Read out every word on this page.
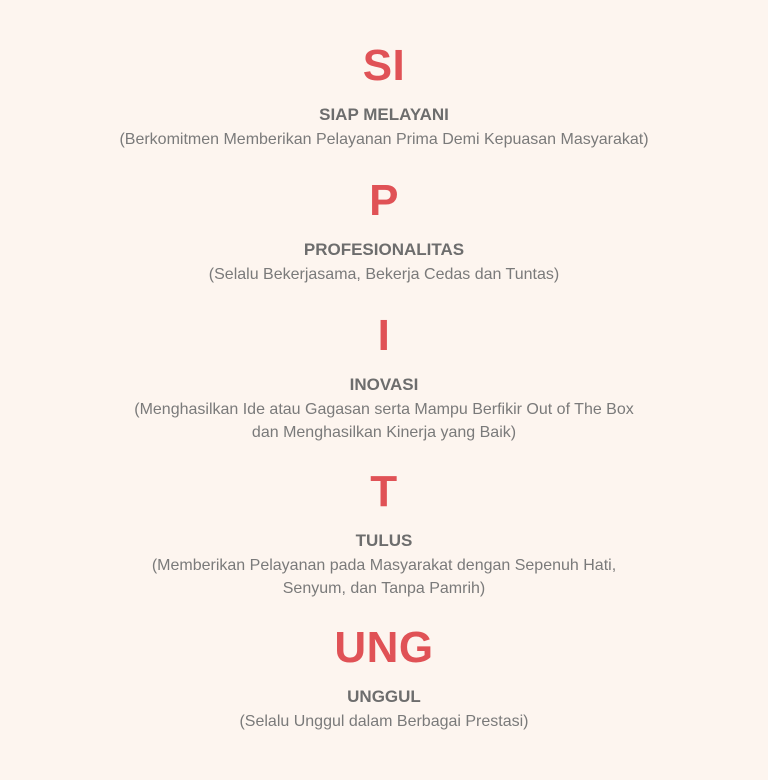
SI
SIAP MELAYANI
(Berkomitmen Memberikan Pelayanan Prima Demi Kepuasan Masyarakat)
P
PROFESIONALITAS
(Selalu Bekerjasama, Bekerja Cedas dan Tuntas)
I
INOVASI
(Menghasilkan Ide atau Gagasan serta Mampu Berfikir Out of The Box
dan Menghasilkan Kinerja yang Baik)
T
TULUS
(Memberikan Pelayanan pada Masyarakat dengan Sepenuh Hati,
Senyum, dan Tanpa Pamrih)
UNG
UNGGUL
(Selalu Unggul dalam Berbagai Prestasi)
